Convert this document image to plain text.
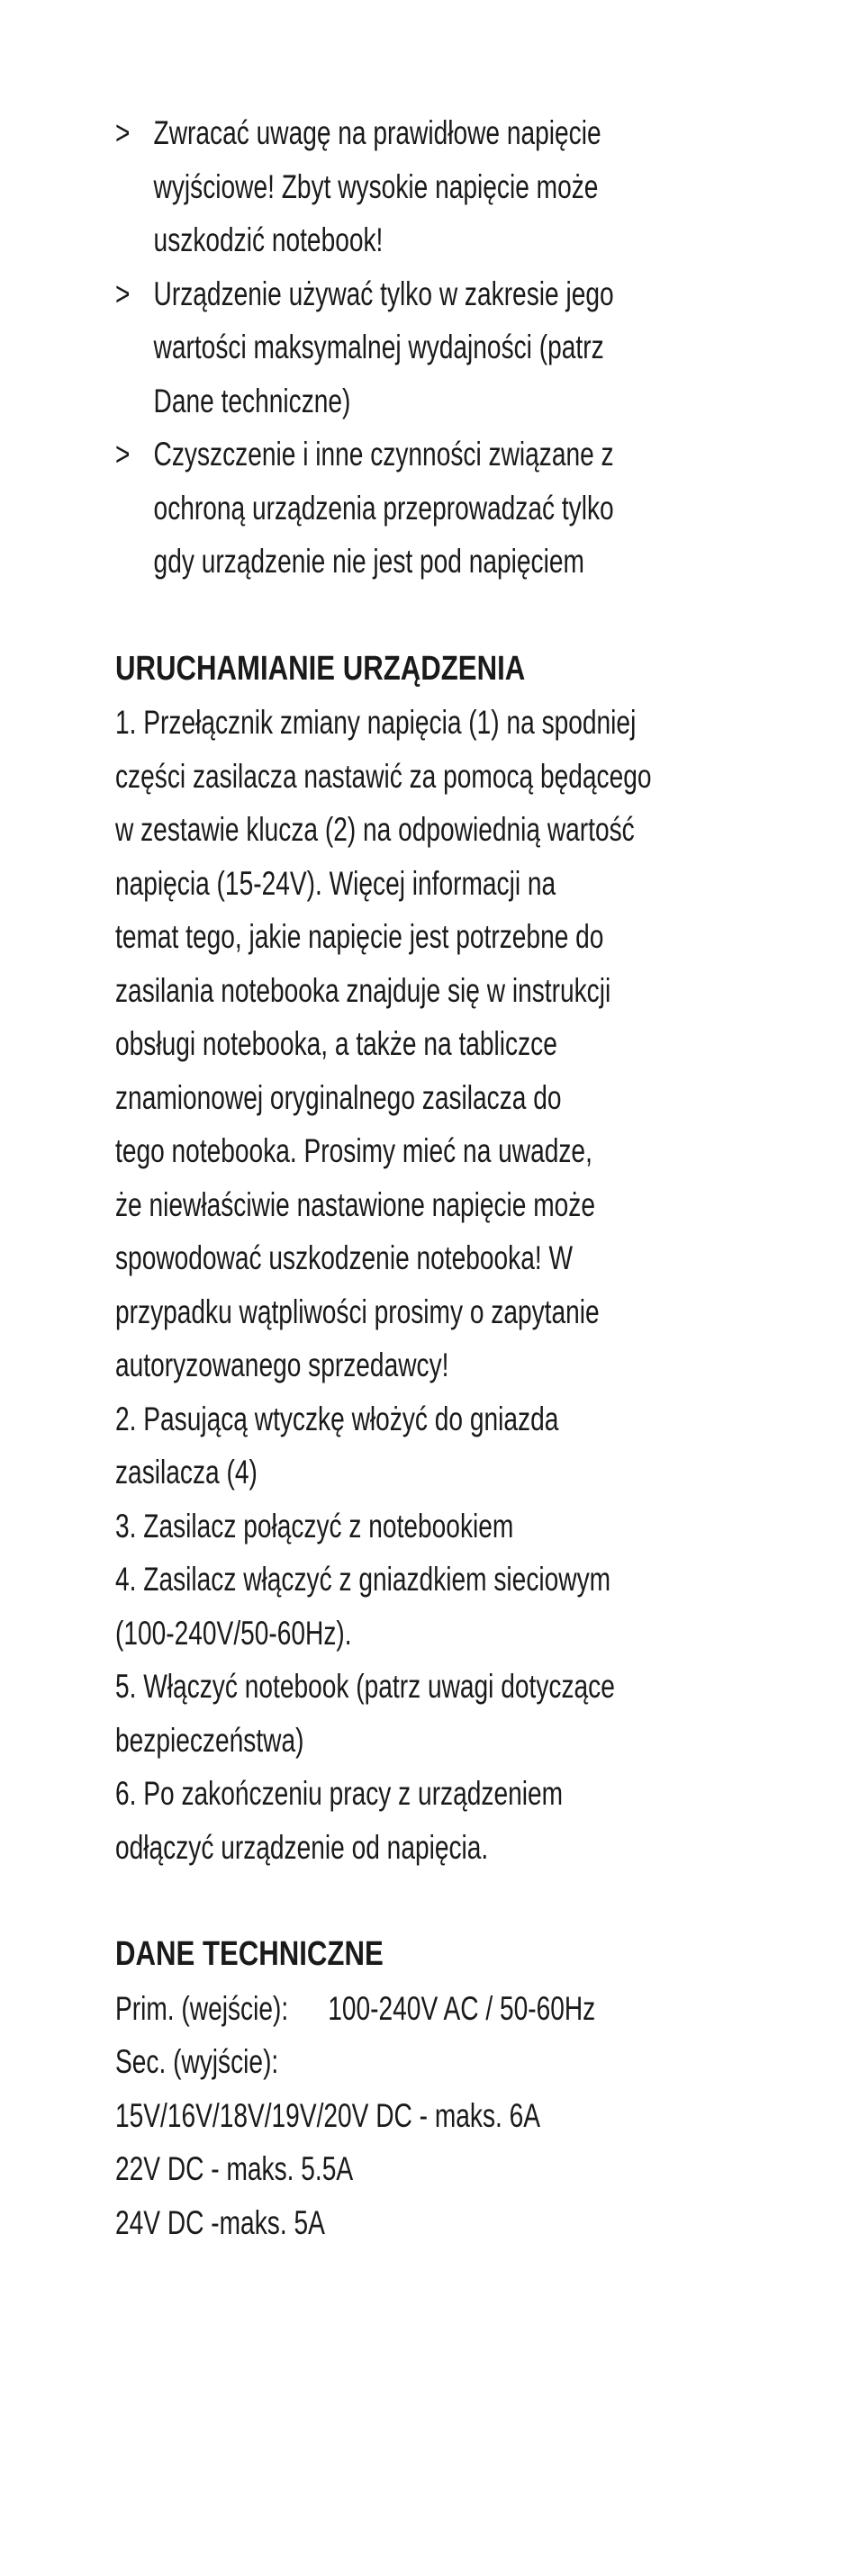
> Zwracać uwagę na prawidłowe napięcie
wyjściowe! Zbyt wysokie napięcie może
uszkodzić notebook!
> Urządzenie używać tylko w zakresie jego
wartości maksymalnej wydajności (patrz
Dane techniczne)
> Czyszczenie i inne czynności związane z
ochroną urządzenia przeprowadzać tylko
gdy urządzenie nie jest pod napięciem
URUCHAMIANIE URZĄDZENIA
1. Przełącznik zmiany napięcia (1) na spodniej
części zasilacza nastawić za pomocą będącego
w zestawie klucza (2) na odpowiednią wartość
napięcia (15-24V). Więcej informacji na
temat tego, jakie napięcie jest potrzebne do
zasilania notebooka znajduje się w instrukcji
obsługi notebooka, a także na tabliczce
znamionowej oryginalnego zasilacza do
tego notebooka. Prosimy mieć na uwadze,
że niewłaściwie nastawione napięcie może
spowodować uszkodzenie notebooka! W
przypadku wątpliwości prosimy o zapytanie
autoryzowanego sprzedawcy!
2. Pasującą wtyczkę włożyć do gniazda
zasilacza (4)
3. Zasilacz połączyć z notebookiem
4. Zasilacz włączyć z gniazdkiem sieciowym
(100-240V/50-60Hz).
5. Włączyć notebook (patrz uwagi dotyczące
bezpieczeństwa)
6. Po zakończeniu pracy z urządzeniem
odłączyć urządzenie od napięcia.
DANE TECHNICZNE
Prim. (wejście): 100-240V AC / 50-60Hz
Sec. (wyjście):
15V/16V/18V/19V/20V DC - maks. 6A
22V DC - maks. 5.5A
24V DC -maks. 5A
